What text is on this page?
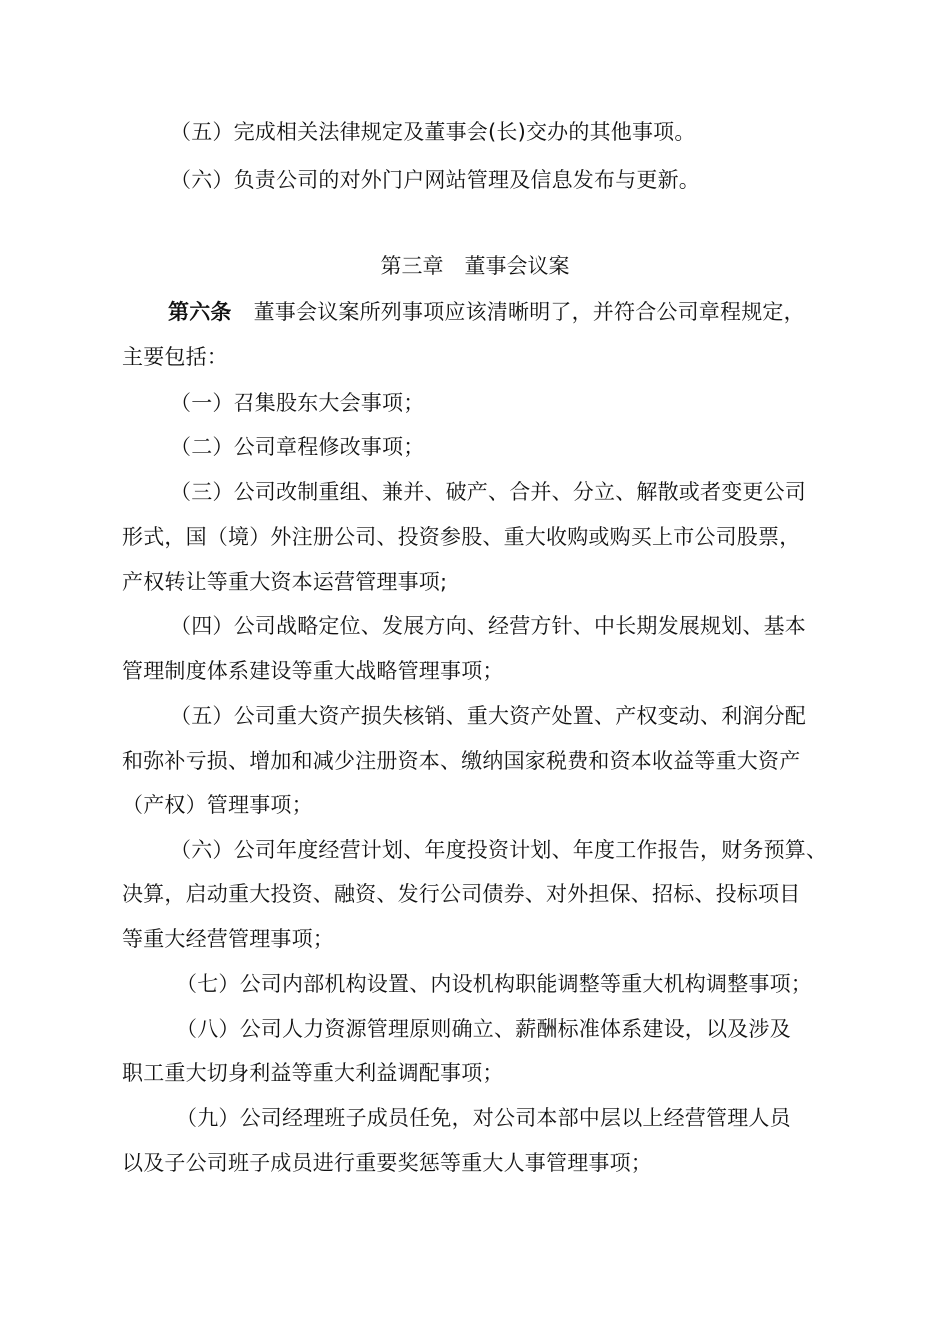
（五）完成相关法律规定及董事会(长)交办的其他事项。
（六）负责公司的对外门户网站管理及信息发布与更新。
第三章　董事会议案
第六条 董事会议案所列事项应该清晰明了，并符合公司章程规定，
主要包括：
（一）召集股东大会事项；
（二）公司章程修改事项；
（三）公司改制重组、兼并、破产、合并、分立、解散或者变更公司
形式，国（境）外注册公司、投资参股、重大收购或购买上市公司股票，
产权转让等重大资本运营管理事项;
（四）公司战略定位、发展方向、经营方针、中长期发展规划、基本
管理制度体系建设等重大战略管理事项；
（五）公司重大资产损失核销、重大资产处置、产权变动、利润分配
和弥补亏损、增加和减少注册资本、缴纳国家税费和资本收益等重大资产
（产权）管理事项；
（六）公司年度经营计划、年度投资计划、年度工作报告，财务预算、
决算，启动重大投资、融资、发行公司债券、对外担保、招标、投标项目
等重大经营管理事项；
（七）公司内部机构设置、内设机构职能调整等重大机构调整事项；
（八）公司人力资源管理原则确立、薪酬标准体系建设，以及涉及
职工重大切身利益等重大利益调配事项；
（九）公司经理班子成员任免，对公司本部中层以上经营管理人员
以及子公司班子成员进行重要奖惩等重大人事管理事项；
